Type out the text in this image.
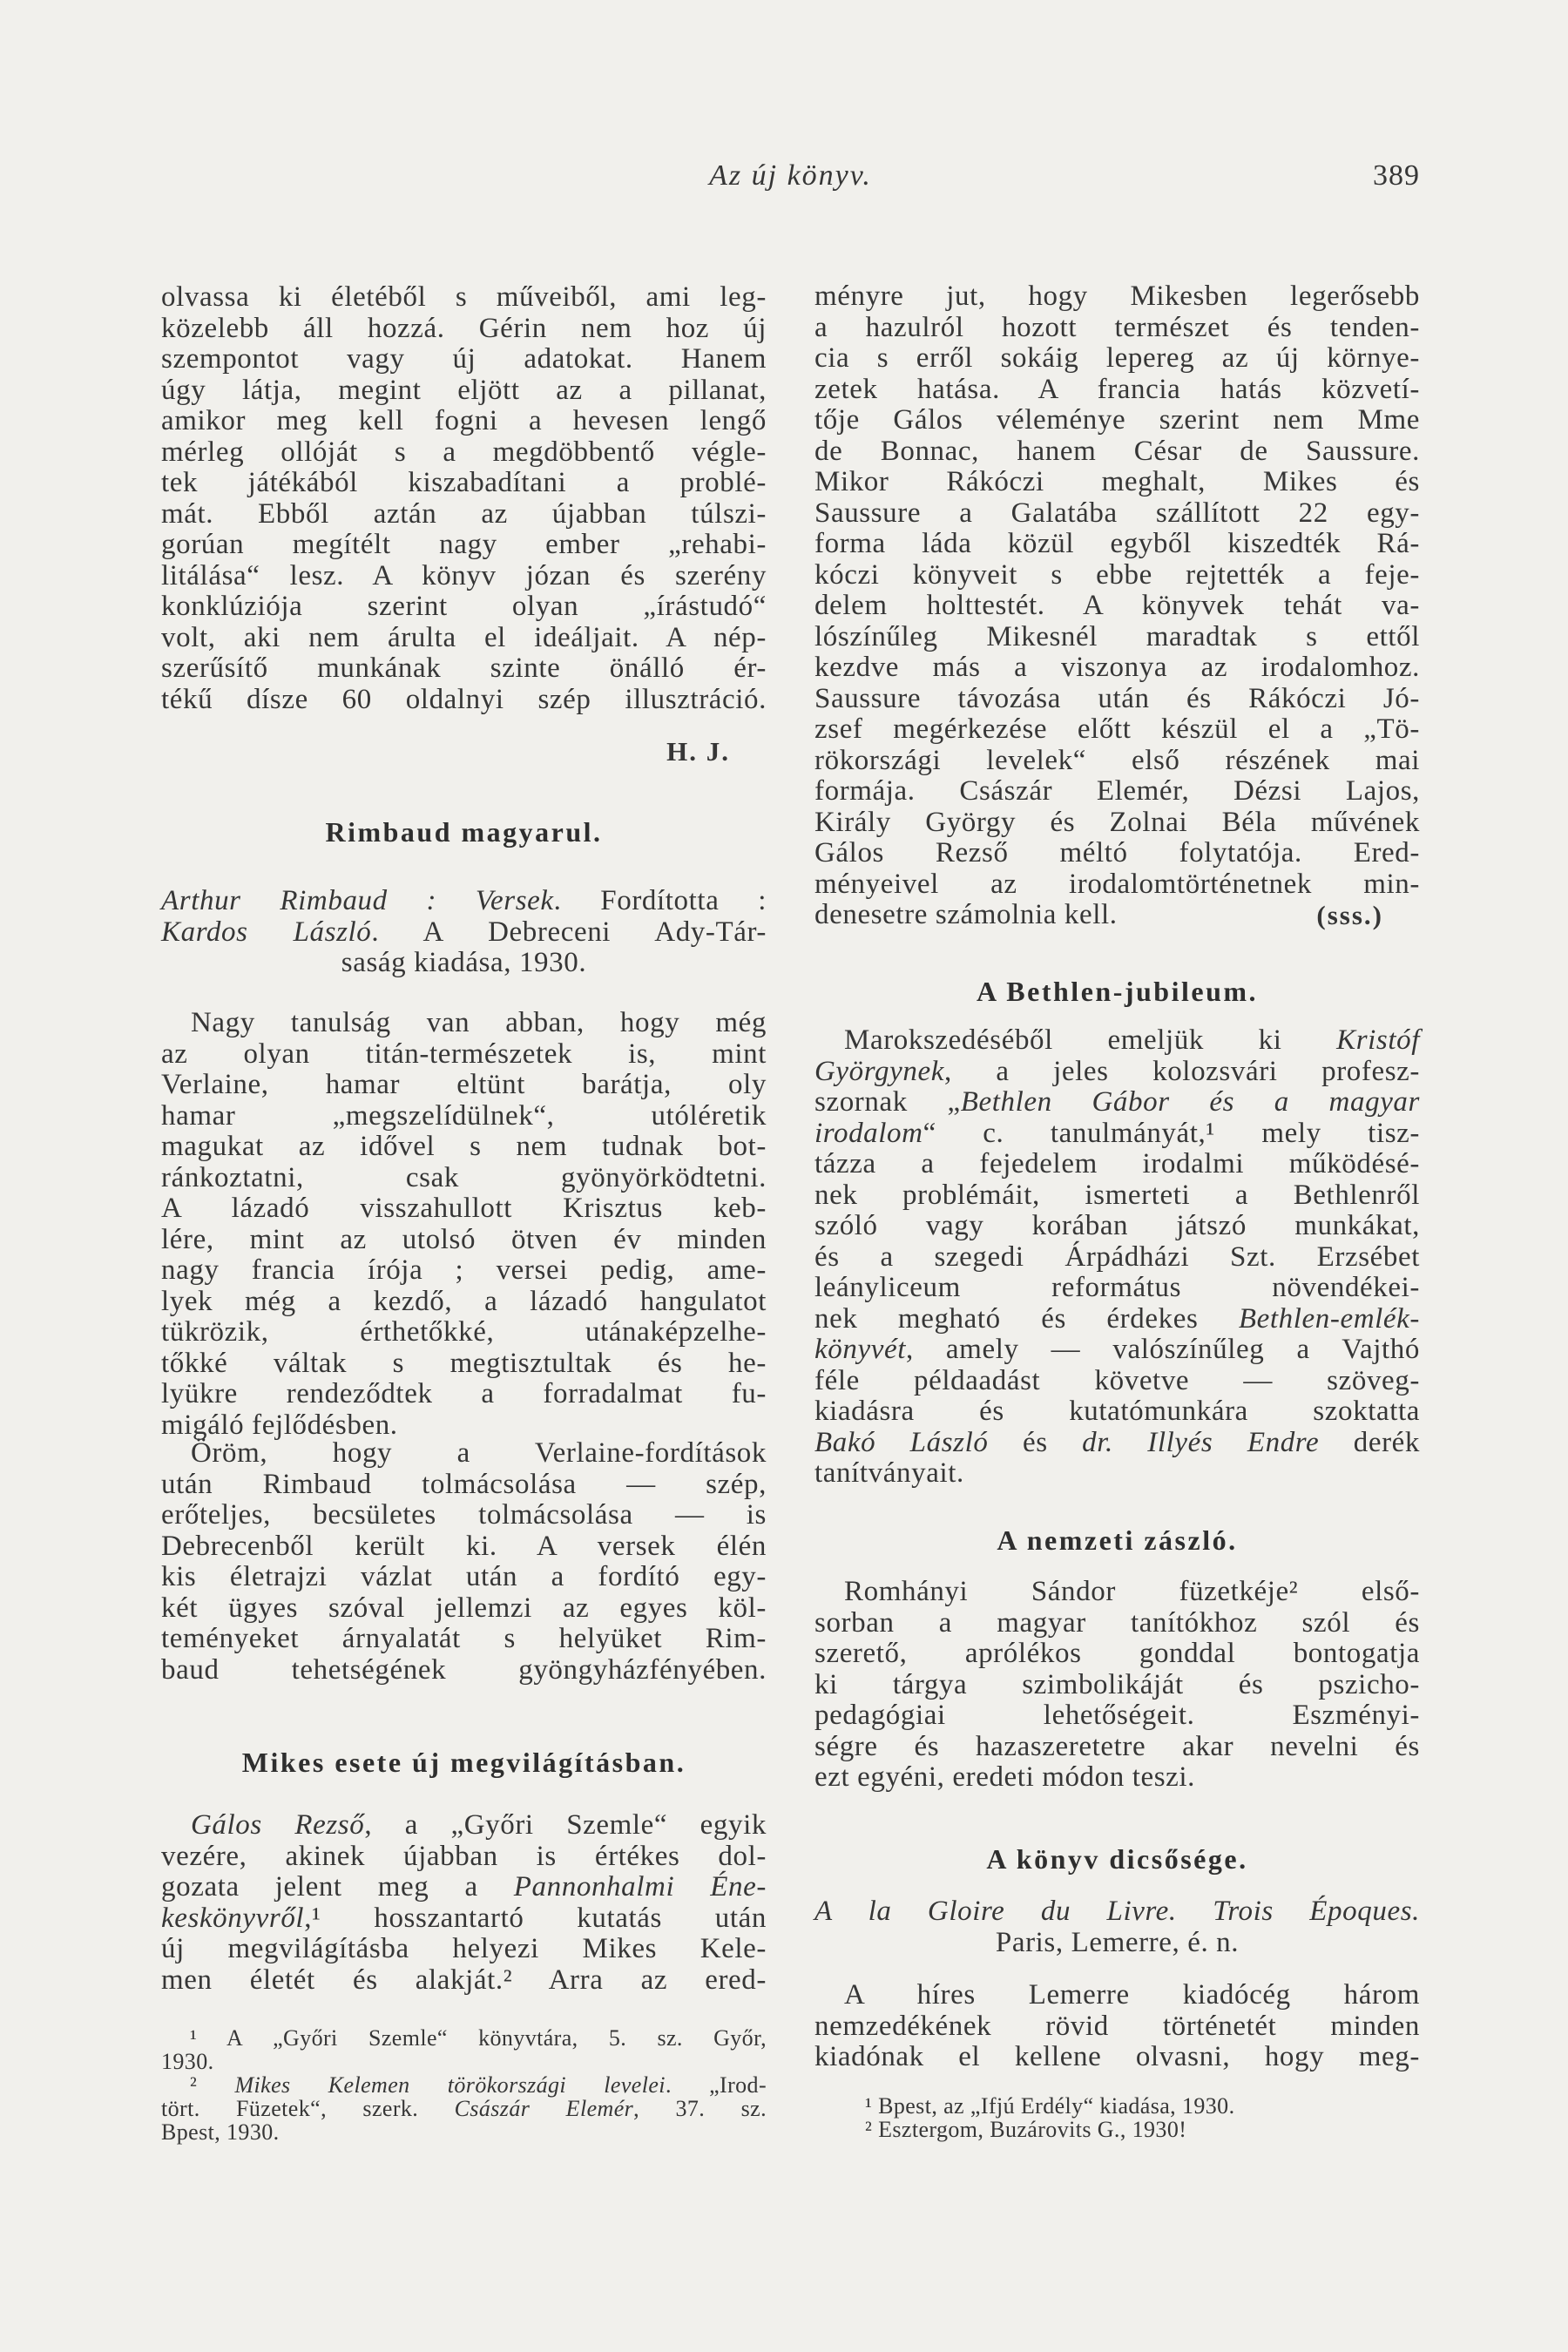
Az új könyv.	389
olvassa ki életéből s műveiből, ami leg-
közelebb áll hozzá. Gérin nem hoz új
szempontot vagy új adatokat. Hanem
úgy látja, megint eljött az a pillanat,
amikor meg kell fogni a hevesen lengő
mérleg ollóját s a megdöbbentő végle-
tek játékából kiszabadítani a problé-
mát. Ebből aztán az újabban túlszi-
gorúan megítélt nagy ember „rehabi-
litálása“ lesz. A könyv józan és szerény
konklúziója szerint olyan „írástudó“
volt, aki nem árulta el ideáljait. A nép-
szerűsítő munkának szinte önálló ér-
tékű dísze 60 oldalnyi szép illusztráció.
H. J.
Rimbaud magyarul.
Arthur Rimbaud : Versek. Fordította :
Kardos László. A Debreceni Ady-Tár-
saság kiadása, 1930.
Nagy tanulság van abban, hogy még
az olyan titán-természetek is, mint
Verlaine, hamar eltünt barátja, oly
hamar „megszelídülnek“, utóléretik
magukat az idővel s nem tudnak bot-
ránkoztatni, csak gyönyörködtetni.
A lázadó visszahullott Krisztus keb-
lére, mint az utolsó ötven év minden
nagy francia írója ; versei pedig, ame-
lyek még a kezdő, a lázadó hangulatot
tükrözik, érthetőkké, utánaképzelhe-
tőkké váltak s megtisztultak és he-
lyükre rendeződtek a forradalmat fu-
migáló fejlődésben.
Öröm, hogy a Verlaine-fordítások
után Rimbaud tolmácsolása — szép,
erőteljes, becsületes tolmácsolása — is
Debrecenből került ki. A versek élén
kis életrajzi vázlat után a fordító egy-
két ügyes szóval jellemzi az egyes köl-
teményeket árnyalatát s helyüket Rim-
baud tehetségének gyöngyházfényében.
Mikes esete új megvilágításban.
Gálos Rezső, a „Győri Szemle“ egyik
vezére, akinek újabban is értékes dol-
gozata jelent meg a Pannonhalmi Éne-
keskönyvről,¹ hosszantartó kutatás után
új megvilágításba helyezi Mikes Kele-
men életét és alakját.² Arra az ered-
¹ A „Győri Szemle“ könyvtára, 5. sz. Győr,
1930.
² Mikes Kelemen törökországi levelei. „Irod-
tört. Füzetek“, szerk. Császár Elemér, 37. sz.
Bpest, 1930.
ményre jut, hogy Mikesben legerősebb
a hazulról hozott természet és tenden-
cia s erről sokáig lepereg az új környe-
zetek hatása. A francia hatás közvetí-
tője Gálos véleménye szerint nem Mme
de Bonnac, hanem César de Saussure.
Mikor Rákóczi meghalt, Mikes és
Saussure a Galatába szállított 22 egy-
forma láda közül egyből kiszedték Rá-
kóczi könyveit s ebbe rejtették a feje-
delem holttestét. A könyvek tehát va-
lószínűleg Mikesnél maradtak s ettől
kezdve más a viszonya az irodalomhoz.
Saussure távozása után és Rákóczi Jó-
zsef megérkezése előtt készül el a „Tö-
rökországi levelek“ első részének mai
formája. Császár Elemér, Dézsi Lajos,
Király György és Zolnai Béla művének
Gálos Rezső méltó folytatója. Ered-
ményeivel az irodalomtörténetnek min-
denesetre számolnia kell.	(sss.)
A Bethlen-jubileum.
Marokszedéséből emeljük ki Kristóf
Györgynek, a jeles kolozsvári profesz-
szornak „Bethlen Gábor és a magyar
irodalom“ c. tanulmányát,¹ mely tisz-
tázza a fejedelem irodalmi működésé-
nek problémáit, ismerteti a Bethlenről
szóló vagy korában játszó munkákat,
és a szegedi Árpádházi Szt. Erzsébet
leányliceum református növendékei-
nek megható és érdekes Bethlen-emlék-
könyvét, amely — valószínűleg a Vajthó
féle példaadást követve — szöveg-
kiadásra és kutatómunkára szoktatta
Bakó László és dr. Illyés Endre derék
tanítványait.
A nemzeti zászló.
Romhányi Sándor füzetkéje² első-
sorban a magyar tanítókhoz szól és
szerető, aprólékos gonddal bontogatja
ki tárgya szimbolikáját és pszicho-
pedagógiai lehetőségeit. Eszményi-
ségre és hazaszeretetre akar nevelni és
ezt egyéni, eredeti módon teszi.
A könyv dicsősége.
A la Gloire du Livre. Trois Époques.
Paris, Lemerre, é. n.
A híres Lemerre kiadócég három
nemzedékének rövid történetét minden
kiadónak el kellene olvasni, hogy meg-
¹ Bpest, az „Ifjú Erdély“ kiadása, 1930.
² Esztergom, Buzárovits G., 1930!
